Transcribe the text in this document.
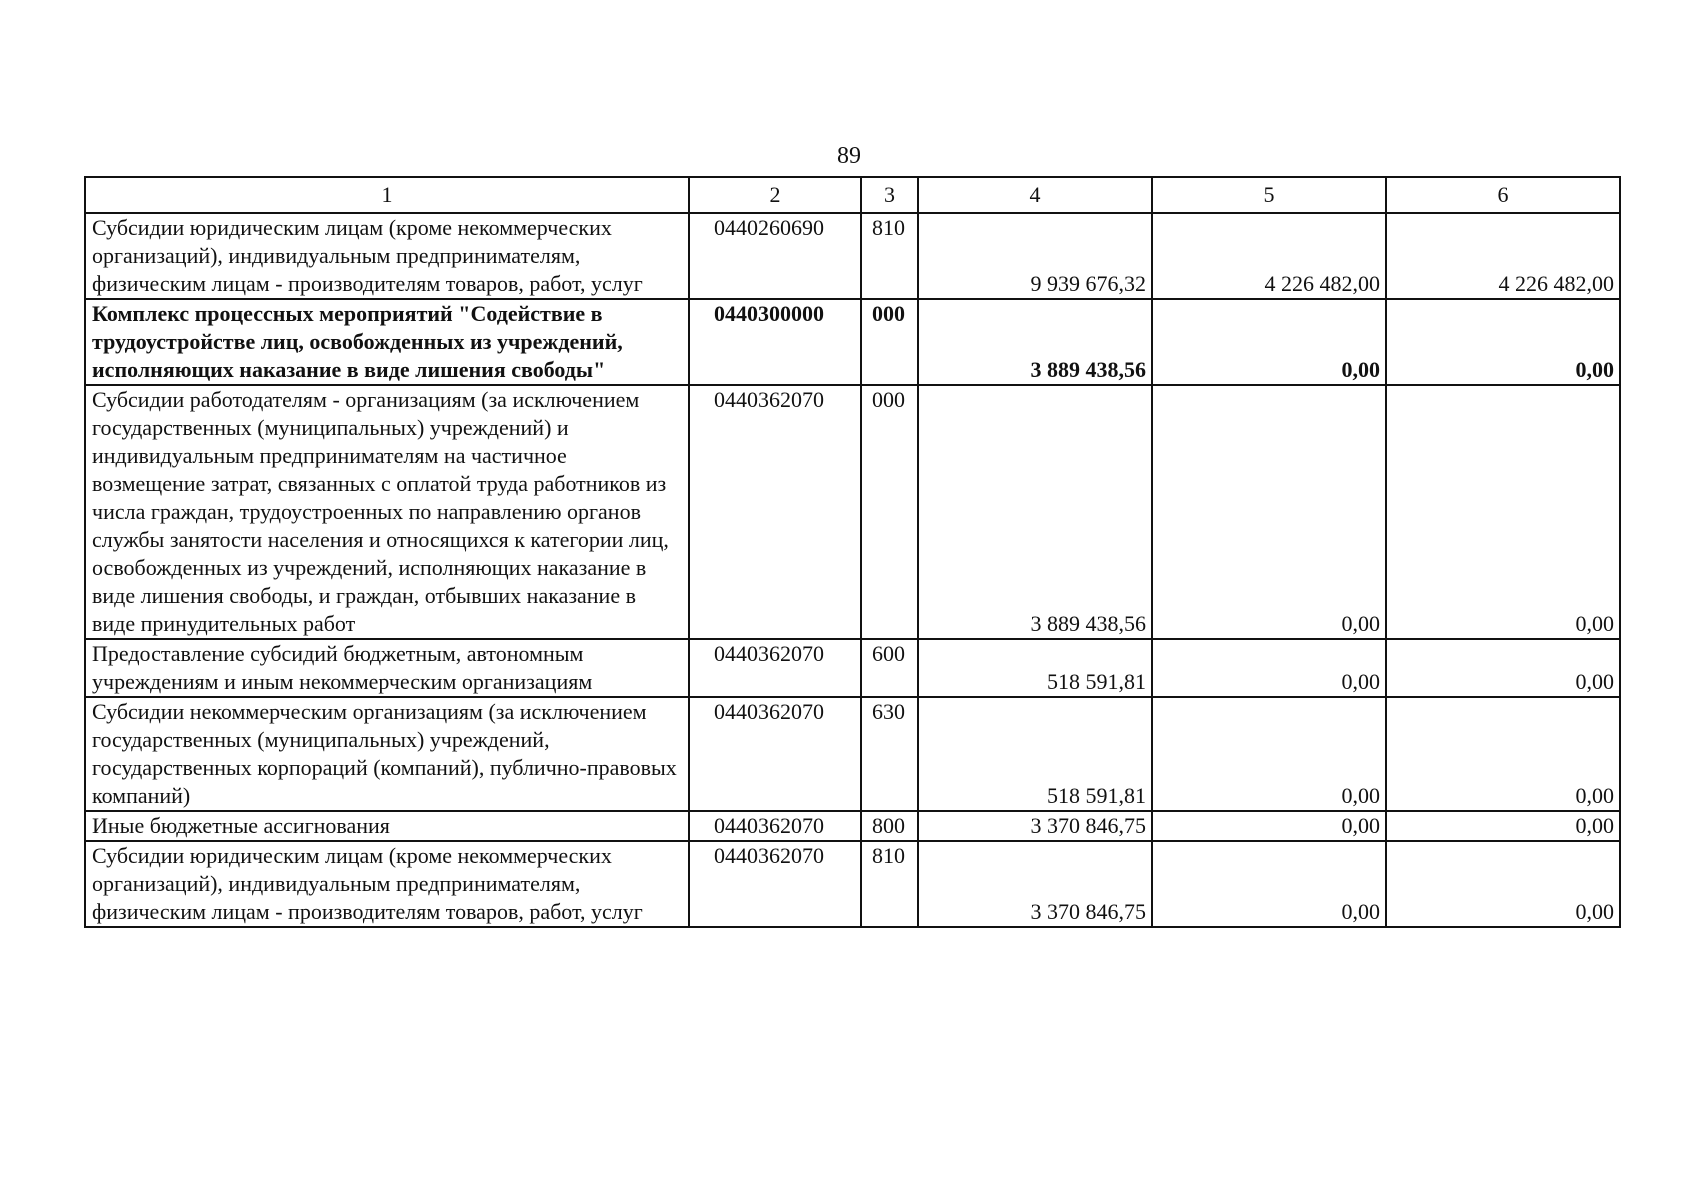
89
1	2	3	4	5	6
Субсидии юридическим лицам (кроме некоммерческих организаций), индивидуальным предпринимателям, физическим лицам - производителям товаров, работ, услуг	0440260690	810	9 939 676,32	4 226 482,00	4 226 482,00
Комплекс процессных мероприятий "Содействие в трудоустройстве лиц, освобожденных из учреждений, исполняющих наказание в виде лишения свободы"	0440300000	000	3 889 438,56	0,00	0,00
Субсидии работодателям - организациям (за исключением государственных (муниципальных) учреждений) и индивидуальным предпринимателям на частичное возмещение затрат, связанных с оплатой труда работников из числа граждан, трудоустроенных по направлению органов службы занятости населения и относящихся к категории лиц, освобожденных из учреждений, исполняющих наказание в виде лишения свободы, и граждан, отбывших наказание в виде принудительных работ	0440362070	000	3 889 438,56	0,00	0,00
Предоставление субсидий бюджетным, автономным учреждениям и иным некоммерческим организациям	0440362070	600	518 591,81	0,00	0,00
Субсидии некоммерческим организациям (за исключением государственных (муниципальных) учреждений, государственных корпораций (компаний), публично-правовых компаний)	0440362070	630	518 591,81	0,00	0,00
Иные бюджетные ассигнования	0440362070	800	3 370 846,75	0,00	0,00
Субсидии юридическим лицам (кроме некоммерческих организаций), индивидуальным предпринимателям, физическим лицам - производителям товаров, работ, услуг	0440362070	810	3 370 846,75	0,00	0,00
